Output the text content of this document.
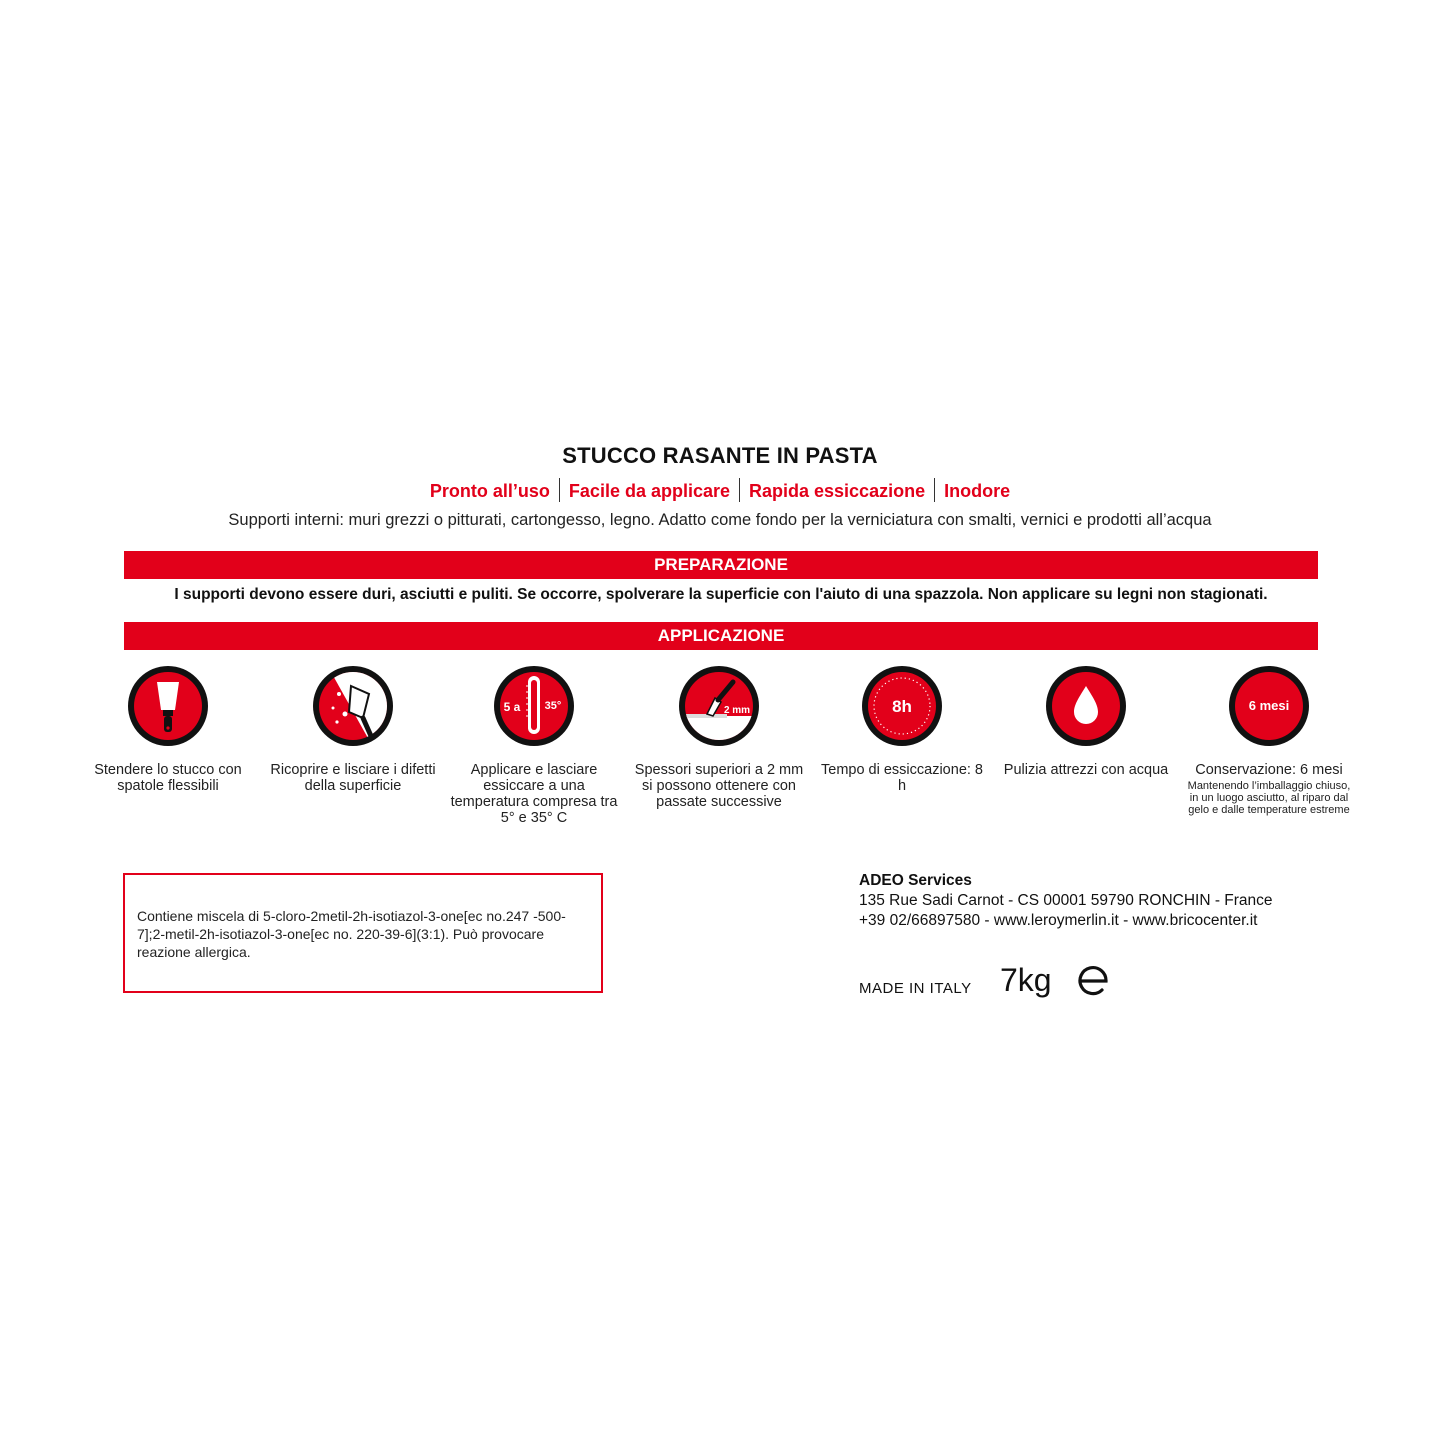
STUCCO RASANTE IN PASTA
Pronto all’uso Facile da applicare Rapida essiccazione Inodore
Supporti interni: muri grezzi o pitturati, cartongesso, legno. Adatto come fondo per la verniciatura con smalti, vernici e prodotti all’acqua
PREPARAZIONE
I supporti devono essere duri, asciutti e puliti. Se occorre, spolverare la superficie con l'aiuto di una spazzola. Non applicare su legni non stagionati.
APPLICAZIONE
Stendere lo stucco con spatole flessibili
Ricoprire e lisciare i difetti della superficie
5 a 35°
Applicare e lasciare essiccare a una temperatura compresa tra 5° e 35° C
2 mm
Spessori superiori a 2 mm si possono ottenere con passate successive
8h
Tempo di essiccazione: 8 h
Pulizia attrezzi con acqua
6 mesi
Conservazione: 6 mesi
Mantenendo l’imballaggio chiuso, in un luogo asciutto, al riparo dal gelo e dalle temperature estreme
Contiene miscela di 5-cloro-2metil-2h-isotiazol-3-one[ec no.247 -500-7];2-metil-2h-isotiazol-3-one[ec no. 220-39-6](3:1). Può provocare reazione allergica.
ADEO Services
135 Rue Sadi Carnot - CS 00001 59790 RONCHIN - France
+39 02/66897580 - www.leroymerlin.it - www.bricocenter.it
MADE IN ITALY 7kg
